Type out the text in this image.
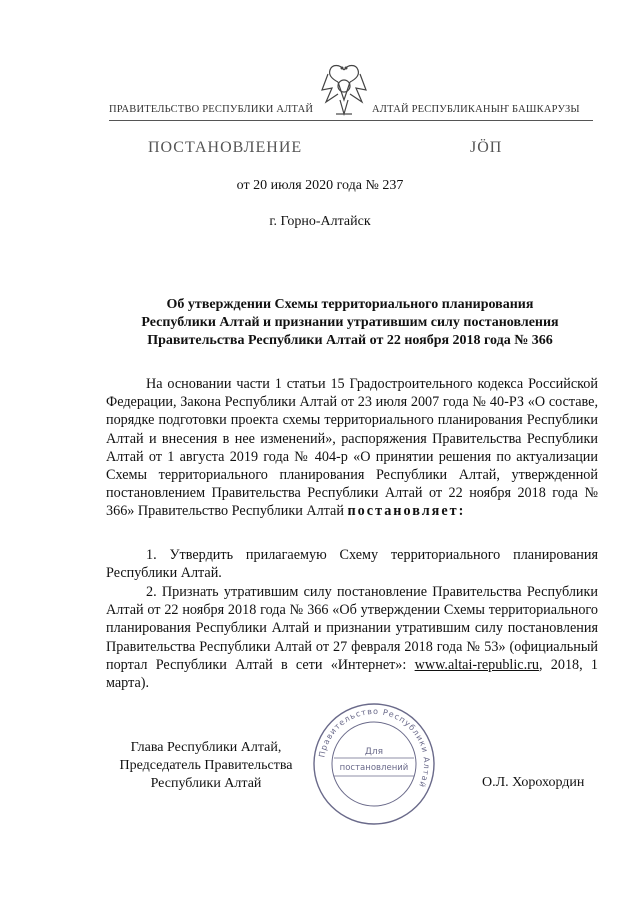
ПРАВИТЕЛЬСТВО РЕСПУБЛИКИ АЛТАЙ	АЛТАЙ РЕСПУБЛИКАНЫҤ БАШКАРУЗЫ
ПОСТАНОВЛЕНИЕ	ЈӦП
от 20 июля 2020 года № 237
г. Горно-Алтайск
Об утверждении Схемы территориального планирования
Республики Алтай и признании утратившим силу постановления
Правительства Республики Алтай от 22 ноября 2018 года № 366

На основании части 1 статьи 15 Градостроительного кодекса Российской Федерации, Закона Республики Алтай от 23 июля 2007 года № 40-РЗ «О составе, порядке подготовки проекта схемы территориального планирования Республики Алтай и внесения в нее изменений», распоряжения Правительства Республики Алтай от 1 августа 2019 года № 404-р «О принятии решения по актуализации Схемы территориального планирования Республики Алтай, утвержденной постановлением Правительства Республики Алтай от 22 ноября 2018 года № 366» Правительство Республики Алтай постановляет:

1. Утвердить прилагаемую Схему территориального планирования Республики Алтай.

2. Признать утратившим силу постановление Правительства Республики Алтай от 22 ноября 2018 года № 366 «Об утверждении Схемы территориального планирования Республики Алтай и признании утратившим силу постановления Правительства Республики Алтай от 27 февраля 2018 года № 53» (официальный портал Республики Алтай в сети «Интернет»: www.altai-republic.ru, 2018, 1 марта).

Правительство Республики Алтай
Для
постановлений
Глава Республики Алтай,
Председатель Правительства
Республики Алтай	О.Л. Хорохордин
